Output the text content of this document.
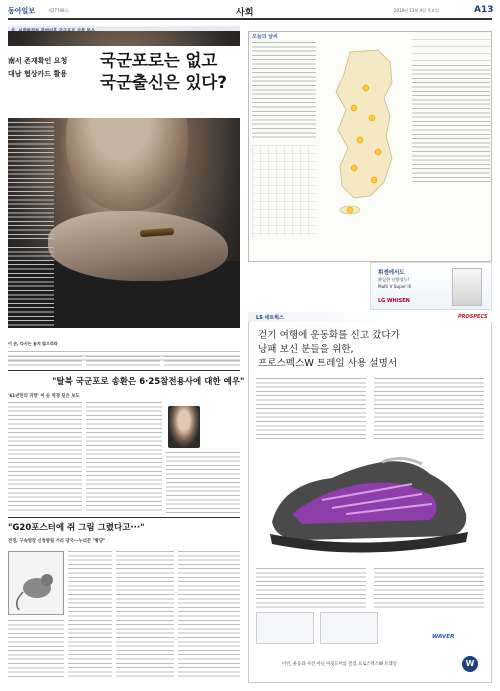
동아일보	제27798호	사회	2010년 11월 4일 목요일	A13
南서 존재확인 요청
대남 협상카드 활용
국군포로는 없고
국군출신은 있다?
이 손, 다시는 놓지 않으리라
"탈북 국군포로 송환은 6·25참전용사에 대한 예우"
'61년만의 귀향' 이 순 역경 딛은 보도
"G20포스터에 쥐 그림 그렸다고···"
전경, 구속영장 신청방침 거리 당국···누리꾼 "황당"
오늘의 날씨
휘센에서도
확실한 난방성능!
Multi V Super III
LG WHISEN
LS 네트웍스	PROSPECS
걷기 여행에 운동화를 신고 갔다가
낭패 보신 분들을 위한,
프로스펙스W 트레일 사용 설명서
WAVER
이런, 운동화 사진 아닌 아웃도어를 걸었 프로스펙스W 트레일	W
